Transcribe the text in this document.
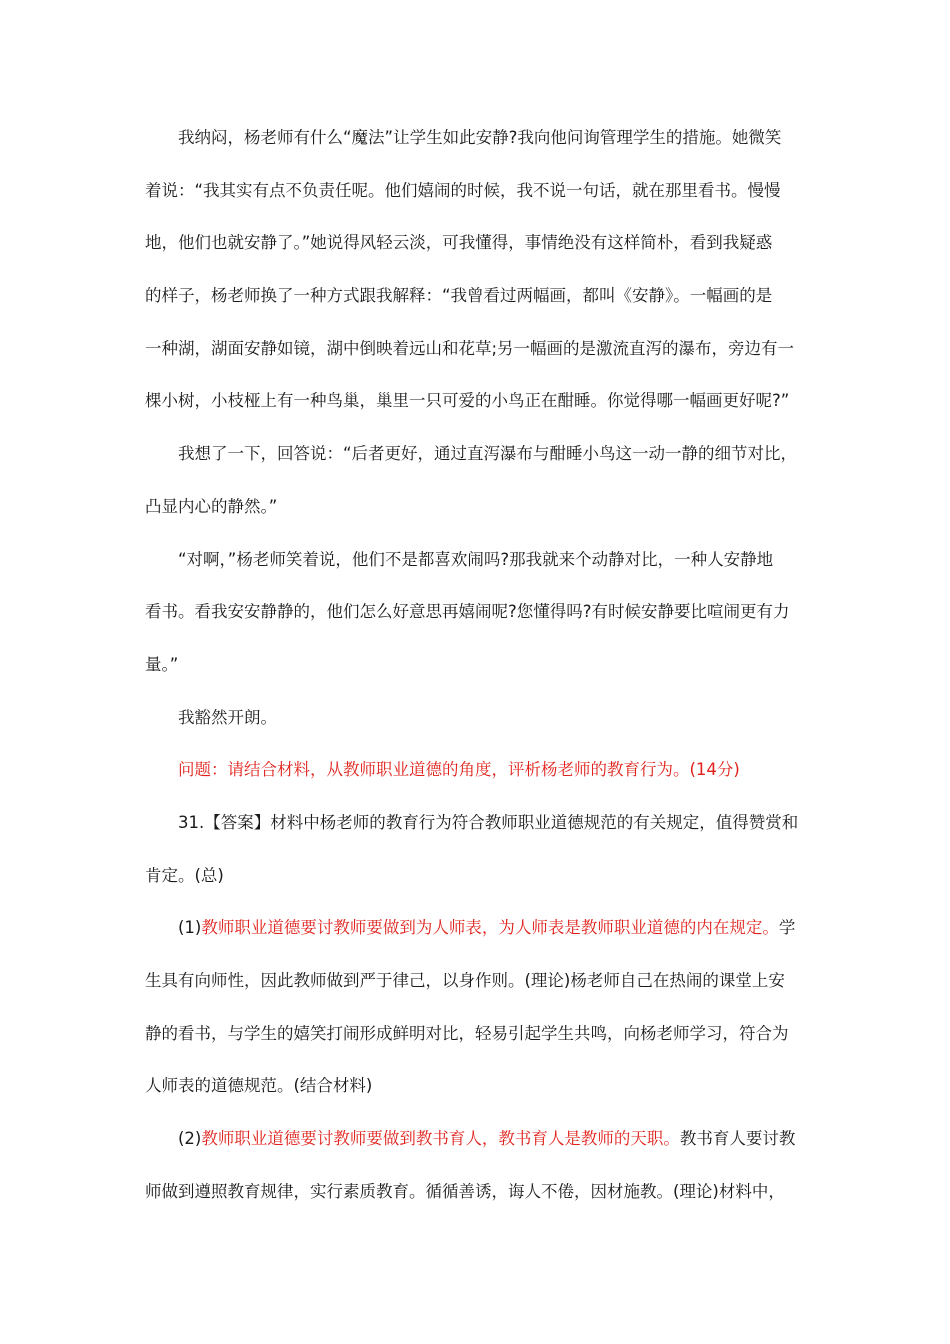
我纳闷，杨老师有什么“魔法”让学生如此安静?我向他问询管理学生的措施。她微笑
着说：“我其实有点不负责任呢。他们嬉闹的时候，我不说一句话，就在那里看书。慢慢
地，他们也就安静了。”她说得风轻云淡，可我懂得，事情绝没有这样简朴，看到我疑惑
的样子，杨老师换了一种方式跟我解释：“我曾看过两幅画，都叫《安静》。一幅画的是
一种湖，湖面安静如镜，湖中倒映着远山和花草;另一幅画的是激流直泻的瀑布，旁边有一
棵小树，小枝桠上有一种鸟巢，巢里一只可爱的小鸟正在酣睡。你觉得哪一幅画更好呢?”
我想了一下，回答说：“后者更好，通过直泻瀑布与酣睡小鸟这一动一静的细节对比，
凸显内心的静然。”
“对啊，”杨老师笑着说，他们不是都喜欢闹吗?那我就来个动静对比，一种人安静地
看书。看我安安静静的，他们怎么好意思再嬉闹呢?您懂得吗?有时候安静要比喧闹更有力
量。”
我豁然开朗。
问题：请结合材料，从教师职业道德的角度，评析杨老师的教育行为。(14分)
31.【答案】材料中杨老师的教育行为符合教师职业道德规范的有关规定，值得赞赏和
肯定。(总)
(1)教师职业道德要讨教师要做到为人师表，为人师表是教师职业道德的内在规定。学
生具有向师性，因此教师做到严于律己，以身作则。(理论)杨老师自己在热闹的课堂上安
静的看书，与学生的嬉笑打闹形成鲜明对比，轻易引起学生共鸣，向杨老师学习，符合为
人师表的道德规范。(结合材料)
(2)教师职业道德要讨教师要做到教书育人，教书育人是教师的天职。教书育人要讨教
师做到遵照教育规律，实行素质教育。循循善诱，诲人不倦，因材施教。(理论)材料中，
